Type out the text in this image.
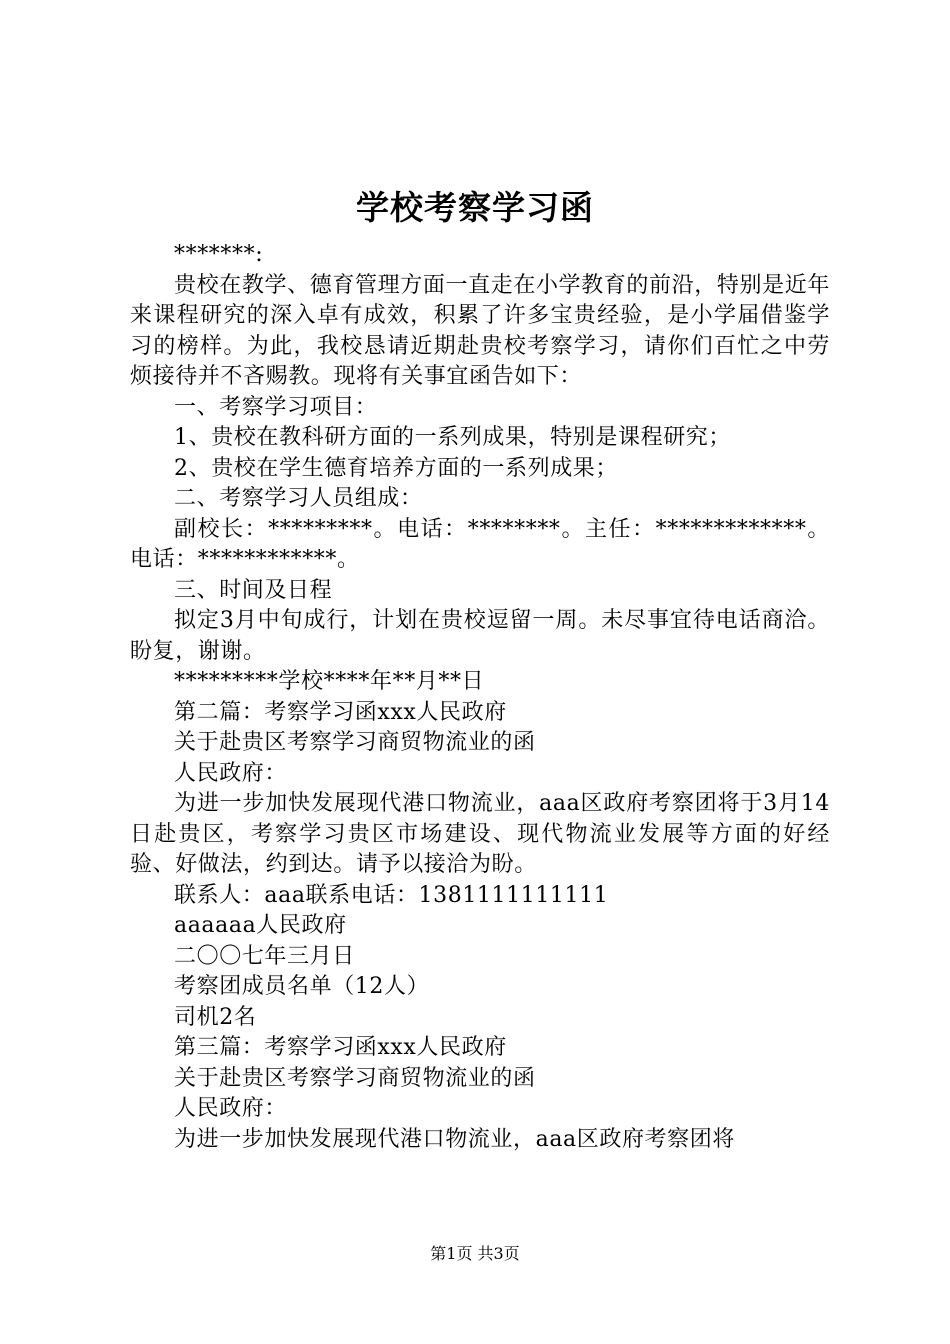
学校考察学习函

*******:

贵校在教学、德育管理方面一直走在小学教育的前沿，特别是近年来课程研究的深入卓有成效，积累了许多宝贵经验，是小学届借鉴学习的榜样。为此，我校恳请近期赴贵校考察学习，请你们百忙之中劳烦接待并不吝赐教。现将有关事宜函告如下：

一、考察学习项目：

1、贵校在教科研方面的一系列成果，特别是课程研究；

2、贵校在学生德育培养方面的一系列成果；

二、考察学习人员组成：

副校长：*********。电话：********。主任：*************。电话：************。

三、时间及日程

拟定3月中旬成行，计划在贵校逗留一周。未尽事宜待电话商洽。盼复，谢谢。

*********学校****年**月**日

第二篇：考察学习函xxx人民政府

关于赴贵区考察学习商贸物流业的函

人民政府：

为进一步加快发展现代港口物流业，aaa区政府考察团将于3月14日赴贵区，考察学习贵区市场建设、现代物流业发展等方面的好经验、好做法，约到达。请予以接洽为盼。

联系人：aaa联系电话：1381111111111

aaaaaa人民政府

二〇〇七年三月日

考察团成员名单（12人）

司机2名

第三篇：考察学习函xxx人民政府

关于赴贵区考察学习商贸物流业的函

人民政府：

为进一步加快发展现代港口物流业，aaa区政府考察团将

第1页 共3页
